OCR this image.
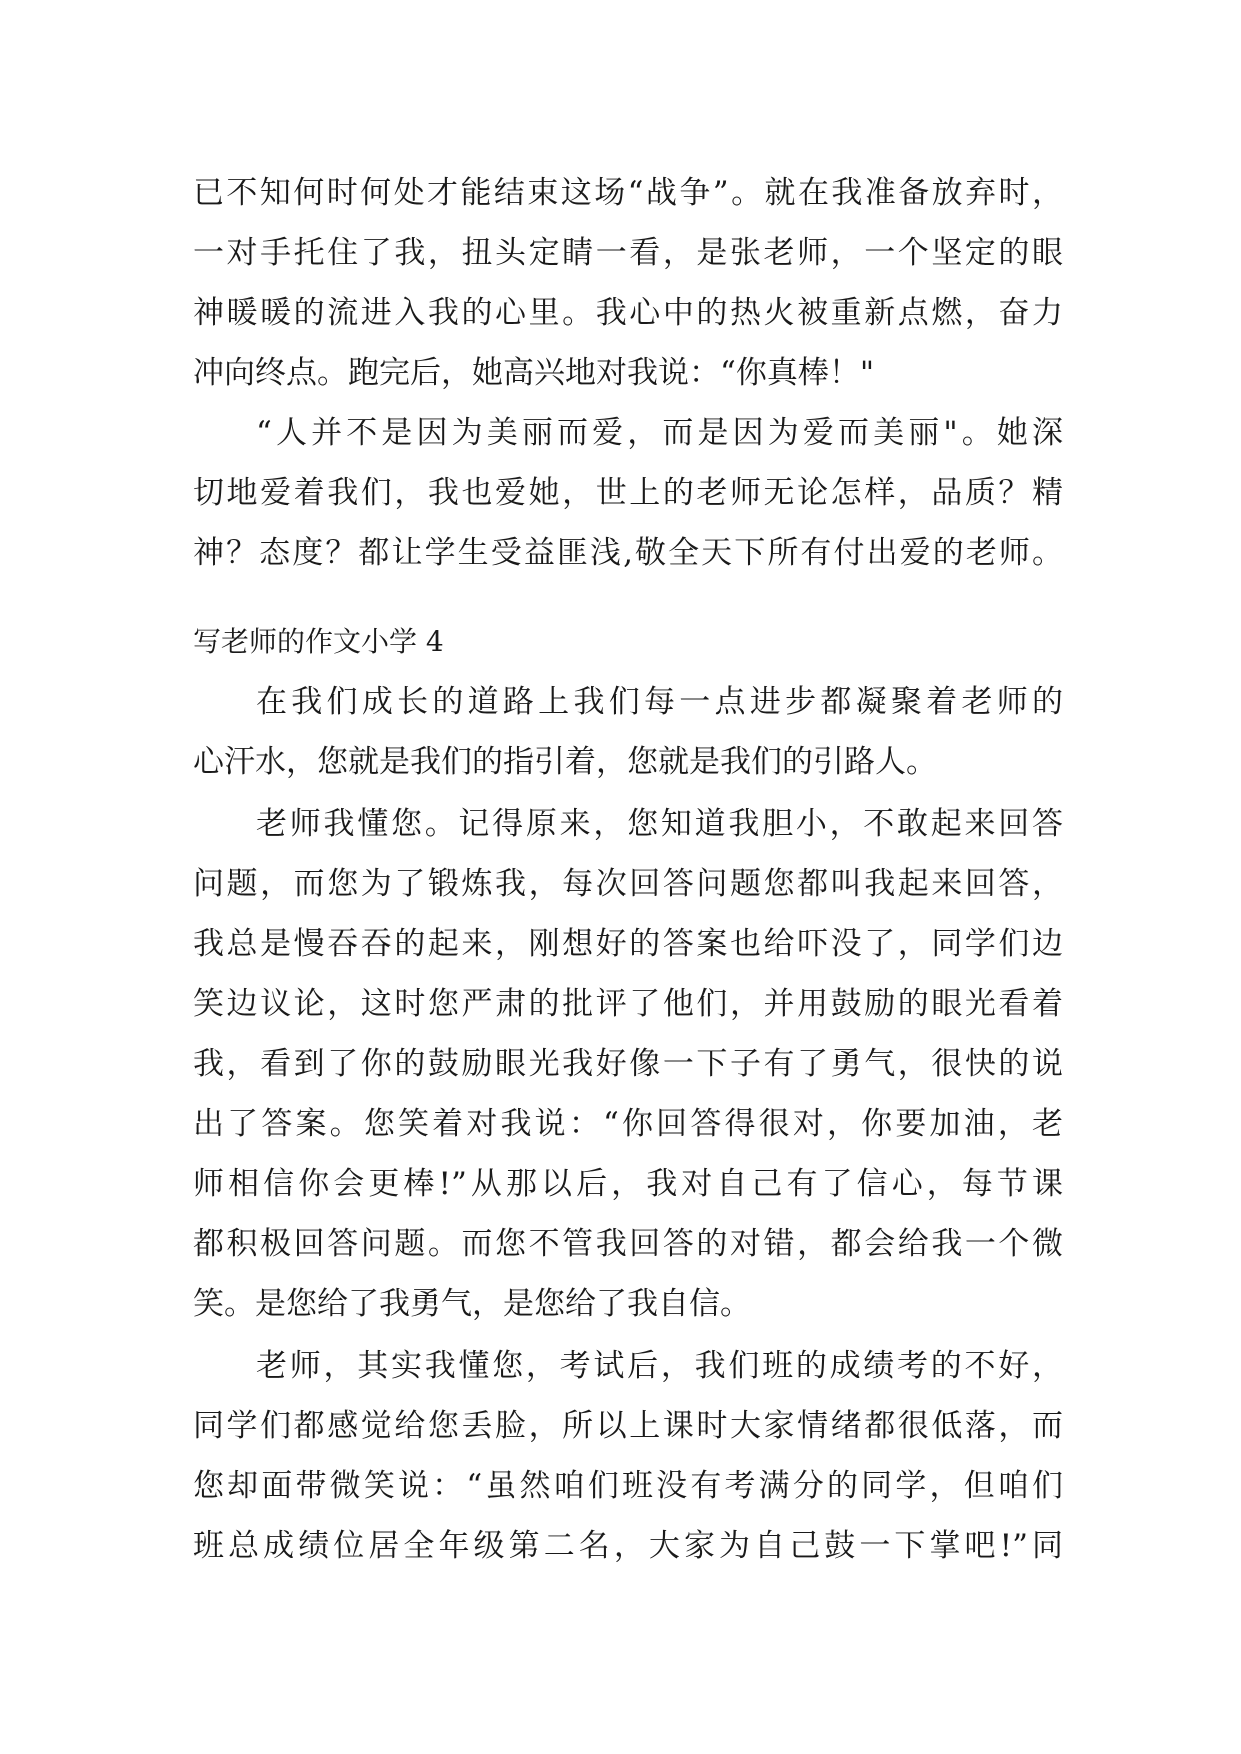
已不知何时何处才能结束这场“战争”。就在我准备放弃时，
一对手托住了我，扭头定睛一看，是张老师，一个坚定的眼
神暖暖的流进入我的心里。我心中的热火被重新点燃，奋力
冲向终点。跑完后，她高兴地对我说：“你真棒！"
“人并不是因为美丽而爱，而是因为爱而美丽"。她深
切地爱着我们，我也爱她，世上的老师无论怎样，品质？精
神？态度？都让学生受益匪浅,敬全天下所有付出爱的老师。
写老师的作文小学 4
在我们成长的道路上我们每一点进步都凝聚着老师的
心汗水，您就是我们的指引着，您就是我们的引路人。
老师我懂您。记得原来，您知道我胆小，不敢起来回答
问题，而您为了锻炼我，每次回答问题您都叫我起来回答，
我总是慢吞吞的起来，刚想好的答案也给吓没了，同学们边
笑边议论，这时您严肃的批评了他们，并用鼓励的眼光看着
我，看到了你的鼓励眼光我好像一下子有了勇气，很快的说
出了答案。您笑着对我说：“你回答得很对，你要加油，老
师相信你会更棒!”从那以后，我对自己有了信心，每节课
都积极回答问题。而您不管我回答的对错，都会给我一个微
笑。是您给了我勇气，是您给了我自信。
老师，其实我懂您，考试后，我们班的成绩考的不好，
同学们都感觉给您丢脸，所以上课时大家情绪都很低落，而
您却面带微笑说：“虽然咱们班没有考满分的同学，但咱们
班总成绩位居全年级第二名，大家为自己鼓一下掌吧!”同
